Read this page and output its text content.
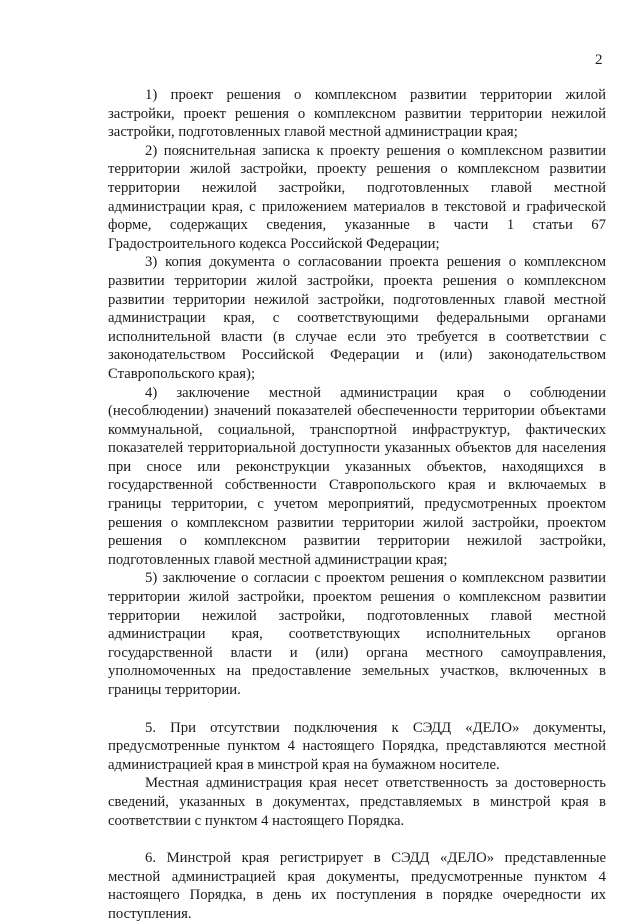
2

1) проект решения о комплексном развитии территории жилой застройки, проект решения о комплексном развитии территории нежилой застройки, подготовленных главой местной администрации края;

2) пояснительная записка к проекту решения о комплексном развитии территории жилой застройки, проекту решения о комплексном развитии территории нежилой застройки, подготовленных главой местной администрации края, с приложением материалов в текстовой и графической форме, содержащих сведения, указанные в части 1 статьи 67 Градостроительного кодекса Российской Федерации;

3) копия документа о согласовании проекта решения о комплексном развитии территории жилой застройки, проекта решения о комплексном развитии территории нежилой застройки, подготовленных главой местной администрации края, с соответствующими федеральными органами исполнительной власти (в случае если это требуется в соответствии с законодательством Российской Федерации и (или) законодательством Ставропольского края);

4) заключение местной администрации края о соблюдении (несоблюдении) значений показателей обеспеченности территории объектами коммунальной, социальной, транспортной инфраструктур, фактических показателей территориальной доступности указанных объектов для населения при сносе или реконструкции указанных объектов, находящихся в государственной собственности Ставропольского края и включаемых в границы территории, с учетом мероприятий, предусмотренных проектом решения о комплексном развитии территории жилой застройки, проектом решения о комплексном развитии территории нежилой застройки, подготовленных главой местной администрации края;

5) заключение о согласии с проектом решения о комплексном развитии территории жилой застройки, проектом решения о комплексном развитии территории нежилой застройки, подготовленных главой местной администрации края, соответствующих исполнительных органов государственной власти и (или) органа местного самоуправления, уполномоченных на предоставление земельных участков, включенных в границы территории.

5. При отсутствии подключения к СЭДД «ДЕЛО» документы, предусмотренные пунктом 4 настоящего Порядка, представляются местной администрацией края в минстрой края на бумажном носителе.

Местная администрация края несет ответственность за достоверность сведений, указанных в документах, представляемых в минстрой края в соответствии с пунктом 4 настоящего Порядка.

6. Минстрой края регистрирует в СЭДД «ДЕЛО» представленные местной администрацией края документы, предусмотренные пунктом 4 настоящего Порядка, в день их поступления в порядке очередности их поступления.
